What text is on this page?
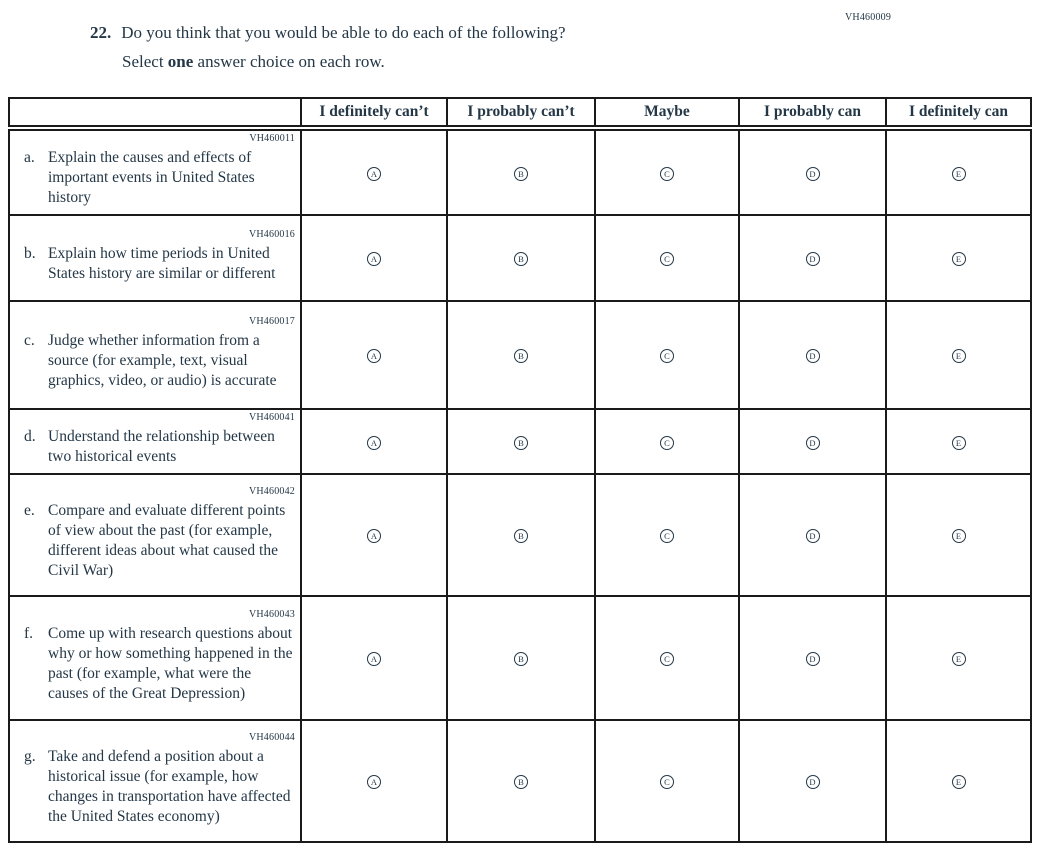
VH460009
22. Do you think that you would be able to do each of the following?
Select one answer choice on each row.
	I definitely can’t	I probably can’t	Maybe	I probably can	I definitely can

VH460011
a. Explain the causes and effects of important events in United States history	A	B	C	D	E

VH460016
b. Explain how time periods in United States history are similar or different	A	B	C	D	E

VH460017
c. Judge whether information from a source (for example, text, visual graphics, video, or audio) is accurate	A	B	C	D	E

VH460041
d. Understand the relationship between two historical events	A	B	C	D	E

VH460042
e. Compare and evaluate different points of view about the past (for example, different ideas about what caused the Civil War)	A	B	C	D	E

VH460043
f. Come up with research questions about why or how something happened in the past (for example, what were the causes of the Great Depression)	A	B	C	D	E

VH460044
g. Take and defend a position about a historical issue (for example, how changes in transportation have affected the United States economy)	A	B	C	D	E
